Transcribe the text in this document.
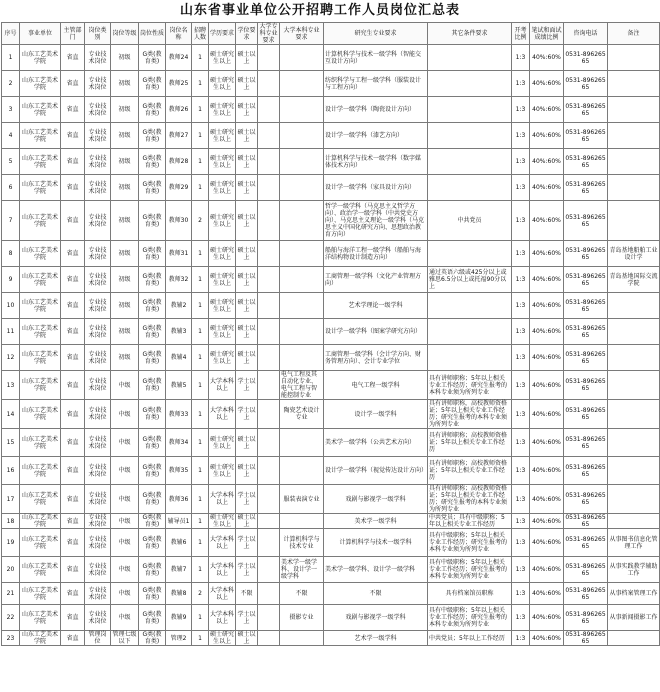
山东省事业单位公开招聘工作人员岗位汇总表
序号	事业单位	主管部门	岗位类别	岗位等级	岗位性质	岗位名称	招聘人数	学历要求	学位要求	大学专科专业要求	大学本科专业要求	研究生专业要求	其它条件要求	开考比例	笔试和面试成绩比例	咨询电话	备注
1	山东工艺美术学院	省直	专业技术岗位	初级	G类(教育类)	教师24	1	硕士研究生以上	硕士以上			计算机科学与技术一级学科（智能交互设计方向）		1:3	40%:60%	0531-89626565	
2	山东工艺美术学院	省直	专业技术岗位	初级	G类(教育类)	教师25	1	硕士研究生以上	硕士以上			纺织科学与工程一级学科（服装设计与工程方向）		1:3	40%:60%	0531-89626565	
3	山东工艺美术学院	省直	专业技术岗位	初级	G类(教育类)	教师26	1	硕士研究生以上	硕士以上			设计学一级学科（陶瓷设计方向）		1:3	40%:60%	0531-89626565	
4	山东工艺美术学院	省直	专业技术岗位	初级	G类(教育类)	教师27	1	硕士研究生以上	硕士以上			设计学一级学科（漆艺方向）		1:3	40%:60%	0531-89626565	
5	山东工艺美术学院	省直	专业技术岗位	初级	G类(教育类)	教师28	1	硕士研究生以上	硕士以上			计算机科学与技术一级学科（数字媒体技术方向）		1:3	40%:60%	0531-89626565	
6	山东工艺美术学院	省直	专业技术岗位	初级	G类(教育类)	教师29	1	硕士研究生以上	硕士以上			设计学一级学科（家具设计方向）		1:3	40%:60%	0531-89626565	
7	山东工艺美术学院	省直	专业技术岗位	初级	G类(教育类)	教师30	2	硕士研究生以上	硕士以上			哲学一级学科（马克思主义哲学方向）、政治学一级学科（中共党史方向）、马克思主义理论一级学科（马克思主义中国化研究方向、思想政治教育方向）	中共党员	1:3	40%:60%	0531-89626565	
8	山东工艺美术学院	省直	专业技术岗位	初级	G类(教育类)	教师31	1	硕士研究生以上	硕士以上			船舶与海洋工程一级学科（船舶与海洋结构物设计制造方向）		1:3	40%:60%	0531-89626565	青岛基地船舶工业设计学
9	山东工艺美术学院	省直	专业技术岗位	初级	G类(教育类)	教师32	1	硕士研究生以上	硕士以上			工商管理一级学科（文化产业管理方向）	通过英语六级或425分以上或雅思6.5分以上或托福90分以上	1:3	40%:60%	0531-89626565	青岛基地国际交流学院
10	山东工艺美术学院	省直	专业技术岗位	初级	G类(教育类)	教辅2	1	硕士研究生以上	硕士以上			艺术学理论一级学科		1:3	40%:60%	0531-89626565	
11	山东工艺美术学院	省直	专业技术岗位	初级	G类(教育类)	教辅3	1	硕士研究生以上	硕士以上			设计学一级学科（图案学研究方向）		1:3	40%:60%	0531-89626565	
12	山东工艺美术学院	省直	专业技术岗位	初级	G类(教育类)	教辅4	1	硕士研究生以上	硕士以上			工商管理一级学科（会计学方向、财务管理方向）、会计专业学位		1:3	40%:60%	0531-89626565	
13	山东工艺美术学院	省直	专业技术岗位	中级	G类(教育类)	教辅5	1	大学本科以上	学士以上		电气工程及其自动化专业、电气工程与智能控制专业	电气工程一级学科	具有讲师职称；5年以上相关专业工作经历；研究生报考的本科专业须为所列专业	1:3	40%:60%	0531-89626565	
14	山东工艺美术学院	省直	专业技术岗位	中级	G类(教育类)	教师33	1	大学本科以上	学士以上		陶瓷艺术设计专业	设计学一级学科	具有讲师职称，高校教师资格证；5年以上相关专业工作经历；研究生报考的本科专业须为所列专业	1:3	40%:60%	0531-89626565	
15	山东工艺美术学院	省直	专业技术岗位	中级	G类(教育类)	教师34	1	硕士研究生以上	硕士以上			美术学一级学科（公共艺术方向）	具有讲师职称；高校教师资格证；5年以上相关专业工作经历	1:3	40%:60%	0531-89626565	
16	山东工艺美术学院	省直	专业技术岗位	中级	G类(教育类)	教师35	1	硕士研究生以上	硕士以上			设计学一级学科（视觉传达设计方向）	具有讲师职称；高校教师资格证；5年以上相关专业工作经历	1:3	40%:60%	0531-89626565	
17	山东工艺美术学院	省直	专业技术岗位	中级	G类(教育类)	教师36	1	大学本科以上	学士以上		服装表演专业	戏剧与影视学一级学科	具有讲师职称；高校教师资格证；5年以上相关专业工作经历；研究生报考的本科专业须为所列专业	1:3	40%:60%	0531-89626565	
18	山东工艺美术学院	省直	专业技术岗位	中级	G类(教育类)	辅导员1	1	硕士研究生以上	硕士以上			美术学一级学科	中共党员；具有中级职称；5年以上相关专业工作经历	1:3	40%:60%	0531-89626565	
19	山东工艺美术学院	省直	专业技术岗位	中级	G类(教育类)	教辅6	1	大学本科以上	学士以上		计算机科学与技术专业	计算机科学与技术一级学科	具有中级职称；5年以上相关专业工作经历；研究生报考的本科专业须为所列专业	1:3	40%:60%	0531-89626565	从事图书信息化管理工作
20	山东工艺美术学院	省直	专业技术岗位	中级	G类(教育类)	教辅7	1	大学本科以上	学士以上		美术学一级学科、设计学一级学科	美术学一级学科、设计学一级学科	具有中级职称；5年以上相关专业工作经历；研究生报考的本科专业须为所列专业	1:3	40%:60%	0531-89626565	从事实践教学辅助工作
21	山东工艺美术学院	省直	专业技术岗位	中级	G类(教育类)	教辅8	2	大学本科以上	不限		不限	不限	具有档案馆员职称	1:3	40%:60%	0531-89626565	从事档案管理工作
22	山东工艺美术学院	省直	专业技术岗位	中级	G类(教育类)	教辅9	1	大学本科以上	学士以上		摄影专业	戏剧与影视学一级学科	具有中级职称；5年以上相关专业工作经历；研究生报考的本科专业须为所列专业	1:3	40%:60%	0531-89626565	从事新闻摄影工作
23	山东工艺美术学院	省直	管理岗位	管理七级以下	G类(教育类)	管理2	1	硕士研究生以上	硕士以上			艺术学一级学科	中共党员；5年以上工作经历	1:3	40%:60%	0531-89626565	
